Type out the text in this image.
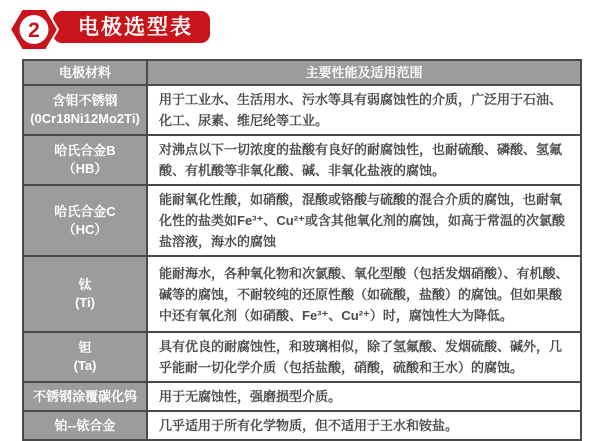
2	电极选型表
电极材料	主要性能及适用范围
含钼不锈钢
(0Cr18Ni12Mo2Ti)	用于工业水、生活用水、污水等具有弱腐蚀性的介质，广泛用于石油、化工、尿素、维尼纶等工业。
哈氏合金B
（HB）	对沸点以下一切浓度的盐酸有良好的耐腐蚀性，也耐硫酸、磷酸、氢氟酸、有机酸等非氧化酸、碱、非氧化盐液的腐蚀。
哈氏合金C
（HC）	能耐氧化性酸，如硝酸，混酸或铬酸与硫酸的混合介质的腐蚀，也耐氧化性的盐类如Fe³⁺、Cu²⁺或含其他氧化剂的腐蚀，如高于常温的次氯酸盐溶液，海水的腐蚀
钛
(Ti)	能耐海水，各种氧化物和次氯酸、氧化型酸（包括发烟硝酸）、有机酸、碱等的腐蚀，不耐较纯的还原性酸（如硫酸，盐酸）的腐蚀。但如果酸中还有氧化剂（如硝酸、Fe³⁺、Cu²⁺）时，腐蚀性大为降低。
钽
(Ta)	具有优良的耐腐蚀性，和玻璃相似，除了氢氟酸、发烟硫酸、碱外，几乎能耐一切化学介质（包括盐酸，硝酸，硫酸和王水）的腐蚀。
不锈钢涂覆碳化钨	用于无腐蚀性，强磨损型介质。
铂--铱合金	几乎适用于所有化学物质，但不适用于王水和铵盐。
